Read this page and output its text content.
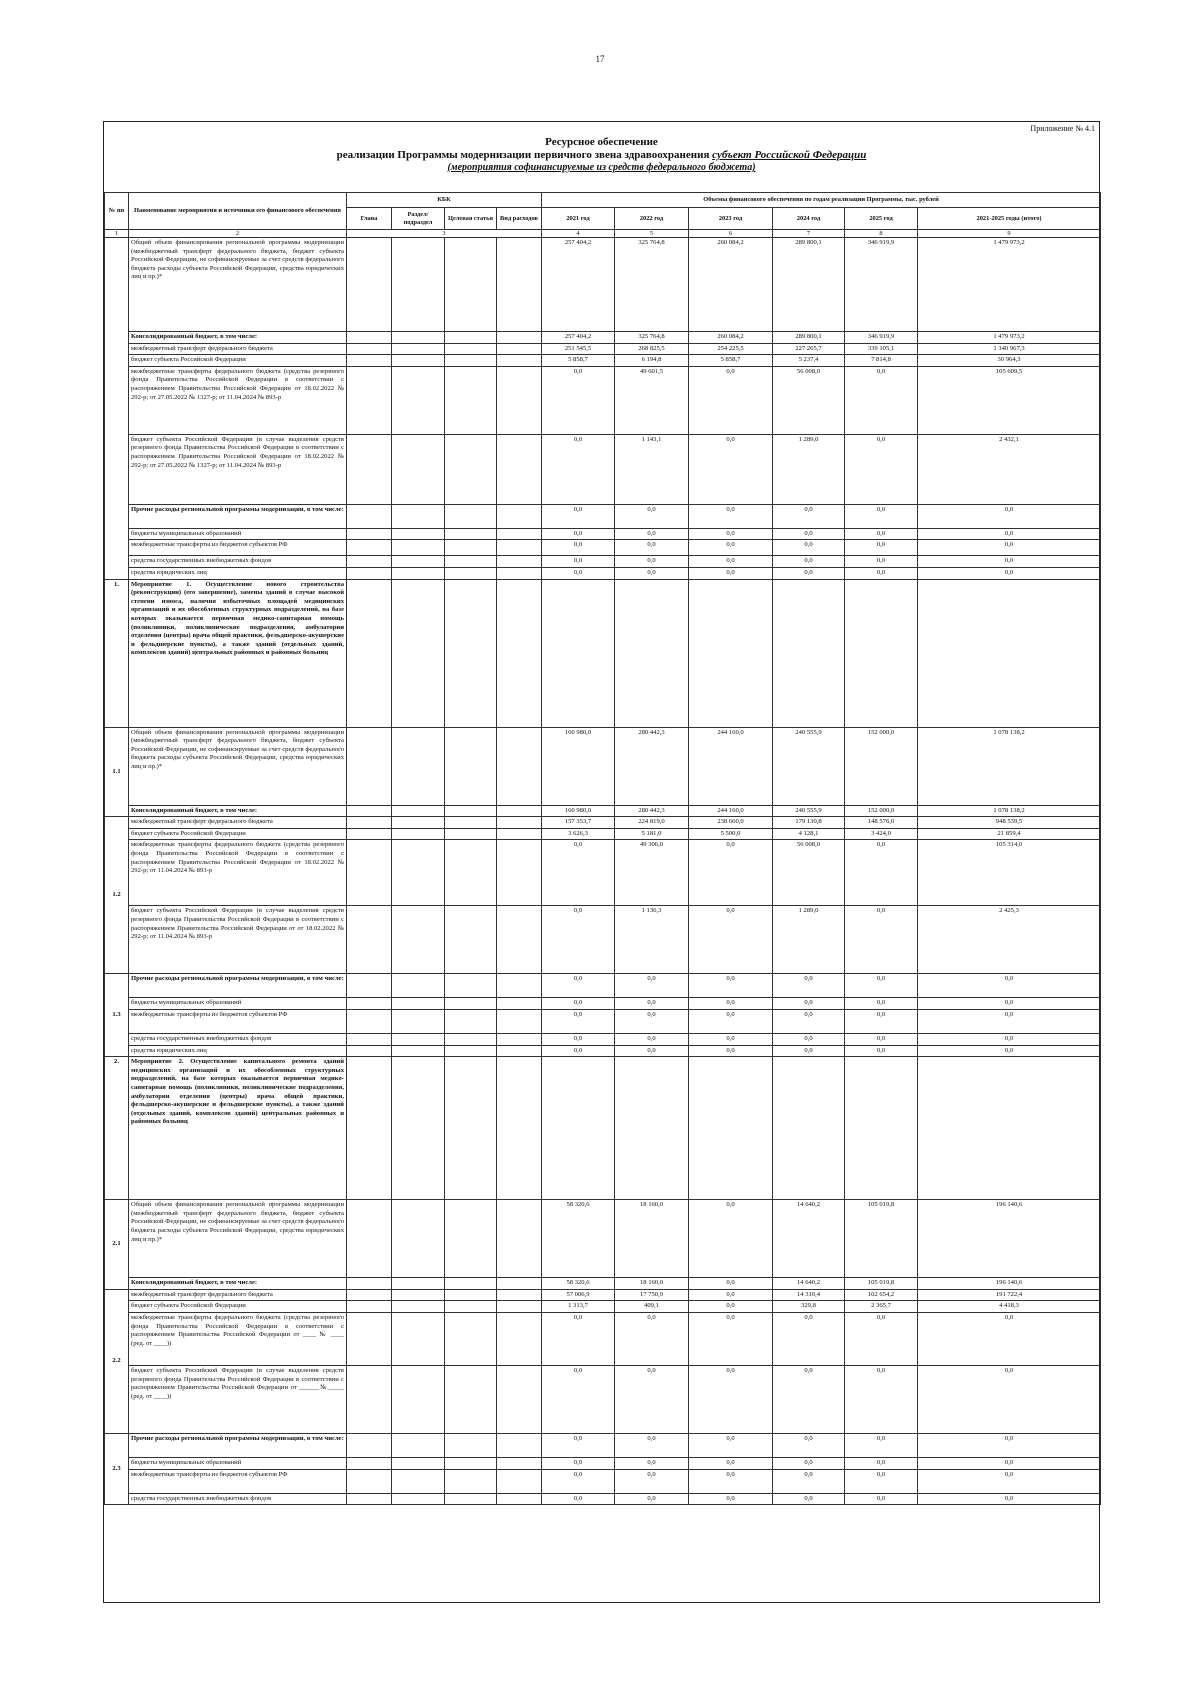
17
Приложение № 4.1
Ресурсное обеспечение
реализации Программы модернизации первичного звена здравоохранения субъект Российской Федерации
(мероприятия софинансируемые из средств федерального бюджета)
№ пп	Наименование мероприятия и источники его финансового обеспечения	КБК				Объемы финансового обеспечения по годам реализации Программы, тыс. рублей					
		Глава	Раздел/ подраздел	Целевая статья	Вид расходов	2021 год	2022 год	2023 год	2024 год	2025 год	2021-2025 годы (итого)
1	2	3				4	5	6	7	8	9
	Общий объем финансирования региональной программы модернизации (межбюджетный трансферт федерального бюджета, бюджет субъекта Российской Федерации, не софинансируемые за счет средств федерального бюджета расходы субъекта Российской Федерации, средства юридических лиц и пр.)*					257 404,2	325 764,8	260 084,2	289 800,1	346 919,9	1 479 973,2
	Консолидированный бюджет, в том числе:					257 404,2	325 764,8	260 084,2	289 800,1	346 919,9	1 479 973,2
	межбюджетный трансферт федерального бюджета					251 545,5	268 825,5	254 225,5	227 265,7	339 105,1	1 340 967,3
	бюджет субъекта Российской Федерации					5 858,7	6 194,8	5 858,7	5 237,4	7 814,8	30 964,3
	межбюджетные трансферты федерального бюджета (средства резервного фонда Правительства Российской Федерации в соответствии с распоряжением Правительства Российской Федерации от 18.02.2022 № 292-р; от 27.05.2022 № 1327-р; от 11.04.2024 № 893-р					0,0	49 601,5	0,0	56 008,0	0,0	105 609,5
	бюджет субъекта Российской Федерации (в случае выделения средств резервного фонда Правительства Российской Федерации в соответствии с распоряжением Правительства Российской Федерации от 18.02.2022 № 292-р; от 27.05.2022 № 1327-р; от 11.04.2024 № 893-р					0,0	1 143,1	0,0	1 289,0	0,0	2 432,1
	Прочие расходы региональной программы модернизации, в том числе:					0,0	0,0	0,0	0,0	0,0	0,0
	бюджеты муниципальных образований					0,0	0,0	0,0	0,0	0,0	0,0
	межбюджетные трансферты из бюджетов субъектов РФ					0,0	0,0	0,0	0,0	0,0	0,0
	средства государственных внебюджетных фондов					0,0	0,0	0,0	0,0	0,0	0,0
	средства юридических лиц					0,0	0,0	0,0	0,0	0,0	0,0
1.	Мероприятие 1. Осуществление нового строительства (реконструкции) (его завершение), замены зданий в случае высокой степени износа, наличия избыточных площадей медицинских организаций и их обособленных структурных подразделений, на базе которых оказывается первичная медико-санитарная помощь (поликлиники, поликлинические подразделения, амбулатории отделения (центры) врача общей практики, фельдшерско-акушерские и фельдшерские пункты), а также зданий (отдельных зданий, комплексов зданий) центральных районных и районных больниц										
1.1	Общий объем финансирования региональной программы модернизации (межбюджетный трансферт федерального бюджета, бюджет субъекта Российской Федерации, не софинансируемые за счет средств федерального бюджета расходы субъекта Российской Федерации, средства юридических лиц и пр.)*					160 980,0	280 442,3	244 160,0	240 555,9	152 000,0	1 078 138,2
	Консолидированный бюджет, в том числе:					160 980,0	280 442,3	244 160,0	240 555,9	152 000,0	1 078 138,2
1.2	межбюджетный трансферт федерального бюджета					157 353,7	224 819,0	238 660,0	179 130,8	148 576,0	948 539,5
	бюджет субъекта Российской Федерации					3 626,3	5 181,0	5 500,0	4 128,1	3 424,0	21 859,4
	межбюджетные трансферты федерального бюджета (средства резервного фонда Правительства Российской Федерации в соответствии с распоряжением Правительства Российской Федерации от 18.02.2022 № 292-р; от 11.04.2024 № 893-р					0,0	49 306,0	0,0	56 008,0	0,0	105 314,0
	бюджет субъекта Российской Федерации (в случае выделения средств резервного фонда Правительства Российской Федерации в соответствии с распоряжением Правительства Российской Федерации от от 18.02.2022 № 292-р; от 11.04.2024 № 893-р					0,0	1 136,3	0,0	1 289,0	0,0	2 425,3
1.3	Прочие расходы региональной программы модернизации, в том числе:					0,0	0,0	0,0	0,0	0,0	0,0
	бюджеты муниципальных образований					0,0	0,0	0,0	0,0	0,0	0,0
	межбюджетные трансферты из бюджетов субъектов РФ					0,0	0,0	0,0	0,0	0,0	0,0
	средства государственных внебюджетных фондов					0,0	0,0	0,0	0,0	0,0	0,0
	средства юридических лиц					0,0	0,0	0,0	0,0	0,0	0,0
2.	Мероприятие 2. Осуществление капитального ремонта зданий медицинских организаций и их обособленных структурных подразделений, на базе которых оказывается первичная медико-санитарная помощь (поликлиники, поликлинические подразделения, амбулатории отделения (центры) врача общей практики, фельдшерско-акушерские и фельдшерские пункты), а также зданий (отдельных зданий, комплексов зданий) центральных районных и районных больниц										
2.1	Общий объем финансирования региональной программы модернизации (межбюджетный трансферт федерального бюджета, бюджет субъекта Российской Федерации, не софинансируемые за счет средств федерального бюджета расходы субъекта Российской Федерации, средства юридических лиц и пр.)*					58 320,6	18 160,0	0,0	14 640,2	105 019,8	196 140,6
	Консолидированный бюджет, в том числе:					58 320,6	18 160,0	0,0	14 640,2	105 019,8	196 140,6
2.2	межбюджетный трансферт федерального бюджета					57 006,9	17 750,9	0,0	14 310,4	102 654,2	191 722,4
	бюджет субъекта Российской Федерации					1 313,7	409,1	0,0	329,8	2 365,7	4 418,3
	межбюджетные трансферты федерального бюджета (средства резервного фонда Правительства Российской Федерации в соответствии с распоряжением Правительства Российской Федерации от ____ № ____ (ред. от ____))					0,0	0,0	0,0	0,0	0,0	0,0
	бюджет субъекта Российской Федерации (в случае выделения средств резервного фонда Правительства Российской Федерации в соответствии с распоряжением Правительства Российской Федерации от ______№_____ (ред. от ____))					0,0	0,0	0,0	0,0	0,0	0,0
2.3	Прочие расходы региональной программы модернизации, в том числе:					0,0	0,0	0,0	0,0	0,0	0,0
	бюджеты муниципальных образований					0,0	0,0	0,0	0,0	0,0	0,0
	межбюджетные трансферты из бюджетов субъектов РФ					0,0	0,0	0,0	0,0	0,0	0,0
	средства государственных внебюджетных фондов					0,0	0,0	0,0	0,0	0,0	0,0
